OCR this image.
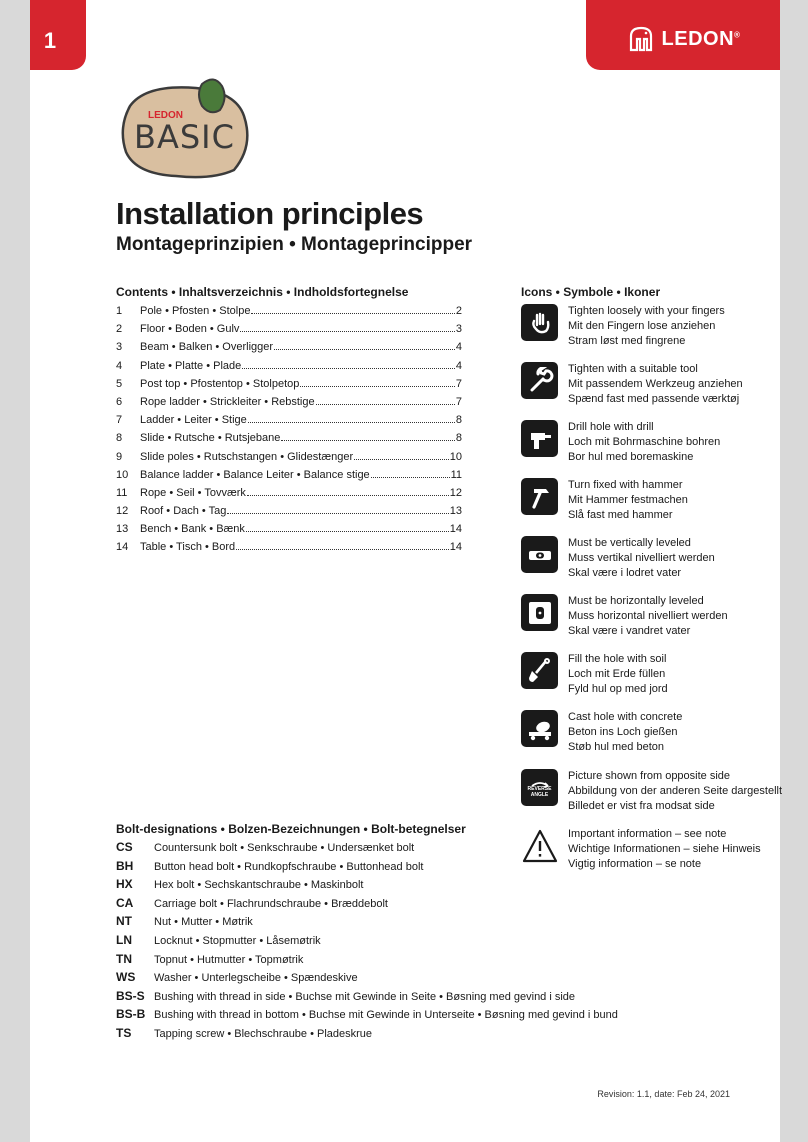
1	LEDON®
LEDON
BASIC
Installation principles
Montageprinzipien • Montageprincipper
Contents • Inhaltsverzeichnis • Indholdsfortegnelse
1	Pole • Pfosten • Stolpe	2
2	Floor • Boden • Gulv	3
3	Beam • Balken • Overligger	4
4	Plate • Platte • Plade	4
5	Post top • Pfostentop • Stolpetop	7
6	Rope ladder • Strickleiter • Rebstige	7
7	Ladder • Leiter • Stige	8
8	Slide • Rutsche • Rutsjebane	8
9	Slide poles • Rutschstangen • Glidestænger	10
10	Balance ladder • Balance Leiter • Balance stige	11
11	Rope • Seil • Tovværk	12
12	Roof • Dach • Tag	13
13	Bench • Bank • Bænk	14
14	Table • Tisch • Bord	14
Icons • Symbole • Ikoner
Tighten loosely with your fingers
Mit den Fingern lose anziehen
Stram løst med fingrene
Tighten with a suitable tool
Mit passendem Werkzeug anziehen
Spænd fast med passende værktøj
Drill hole with drill
Loch mit Bohrmaschine bohren
Bor hul med boremaskine
Turn fixed with hammer
Mit Hammer festmachen
Slå fast med hammer
Must be vertically leveled
Muss vertikal nivelliert werden
Skal være i lodret vater
Must be horizontally leveled
Muss horizontal nivelliert werden
Skal være i vandret vater
Fill the hole with soil
Loch mit Erde füllen
Fyld hul op med jord
Cast hole with concrete
Beton ins Loch gießen
Støb hul med beton
REVERSE
ANGLE
Picture shown from opposite side
Abbildung von der anderen Seite dargestellt
Billedet er vist fra modsat side
Important information – see note
Wichtige Informationen – siehe Hinweis
Vigtig information – se note
Bolt-designations • Bolzen-Bezeichnungen • Bolt-betegnelser
CS	Countersunk bolt • Senkschraube • Undersænket bolt
BH	Button head bolt • Rundkopfschraube • Buttonhead bolt
HX	Hex bolt • Sechskantschraube • Maskinbolt
CA	Carriage bolt • Flachrundschraube • Bræddebolt
NT	Nut • Mutter • Møtrik
LN	Locknut • Stopmutter • Låsemøtrik
TN	Topnut • Hutmutter • Topmøtrik
WS	Washer • Unterlegscheibe • Spændeskive
BS-S Bushing with thread in side • Buchse mit Gewinde in Seite • Bøsning med gevind i side
BS-B Bushing with thread in bottom • Buchse mit Gewinde in Unterseite • Bøsning med gevind i bund
TS	Tapping screw • Blechschraube • Pladeskrue
Revision: 1.1, date: Feb 24, 2021
